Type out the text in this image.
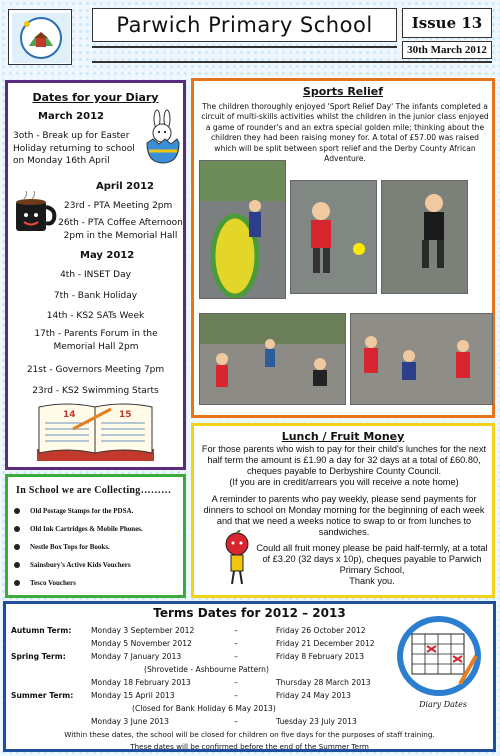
Parwich Primary School	Issue 13
30th March 2012
Dates for your Diary
March 2012
3oth - Break up for Easter Holiday returning to school on Monday 16th April
April 2012
23rd - PTA Meeting 2pm
26th - PTA Coffee Afternoon 2pm in the Memorial Hall
May 2012
4th - INSET Day
7th - Bank Holiday
14th - KS2 SATs Week
17th - Parents Forum in the Memorial Hall 2pm
21st - Governors Meeting 7pm
23rd - KS2 Swimming Starts
14	15
Sports Relief
The children thoroughly enjoyed 'Sport Relief Day' The infants completed a circuit of multi-skills activities whilst the children in the junior class enjoyed a game of rounder's and an extra special golden mile; thinking about the children they had been raising money for. A total of £57.00 was raised which will be split between sport relief and the Derby County African Adventure.
Lunch / Fruit Money
For those parents who wish to pay for their child's lunches for the next half term the amount is £1.90 a day for 32 days at a total of £60.80, cheques payable to Derbyshire County Council.
(If you are in credit/arrears you will receive a note home)
A reminder to parents who pay weekly, please send payments for dinners to school on Monday morning for the beginning of each week and that we need a weeks notice to swap to or from lunches to sandwiches.
Could all fruit money please be paid half-termly, at a total of £3.20 (32 days x 10p), cheques payable to Parwich Primary School,
Thank you.
In School we are Collecting………
Old Postage Stamps for the PDSA.
Old Ink Cartridges & Mobile Phones.
Nestle Box Tops for Books.
Sainsbury's Active Kids Vouchers
Tesco Vouchers
Terms Dates for 2012 – 2013
Autumn Term:	Monday 3 September 2012	–	Friday 26 October 2012
Monday 5 November 2012	–	Friday 21 December 2012
Spring Term:	Monday 7 January 2013	–	Friday 8 February 2013
(Shrovetide - Ashbourne Pattern)
Monday 18 February 2013	–	Thursday 28 March 2013
Summer Term: Monday 15 April 2013	–	Friday 24 May 2013
(Closed for Bank Holiday 6 May 2013)
Monday 3 June 2013	–	Tuesday 23 July 2013
Within these dates, the school will be closed for children on five days for the purposes of staff training.
These dates will be confirmed before the end of the Summer Term
Diary Dates
